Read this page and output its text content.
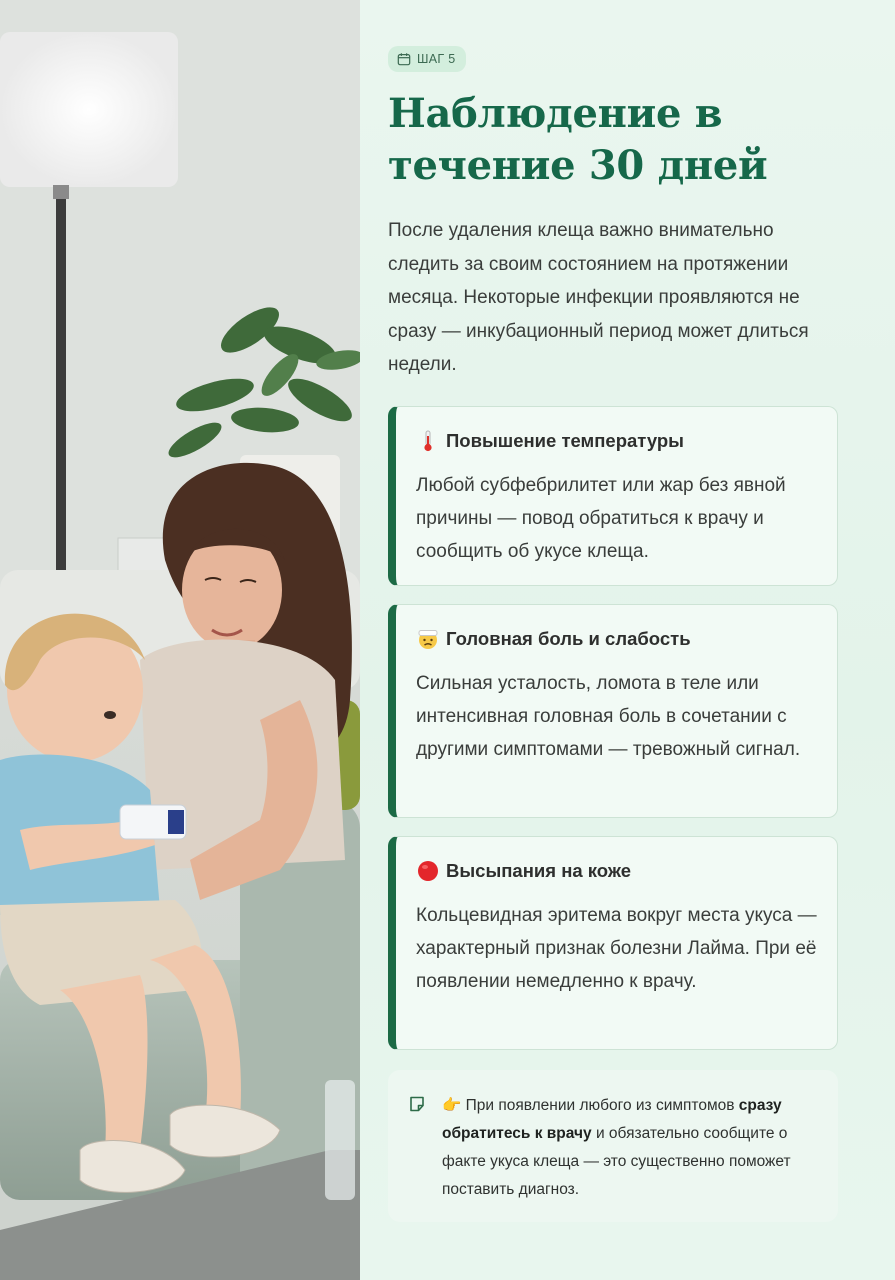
ШАГ 5
Наблюдение в течение 30 дней

После удаления клеща важно внимательно следить за своим состоянием на протяжении месяца. Некоторые инфекции проявляются не сразу — инкубационный период может длиться недели.

Повышение температуры

Любой субфебрилитет или жар без явной причины — повод обратиться к врачу и сообщить об укусе клеща.

Головная боль и слабость

Сильная усталость, ломота в теле или интенсивная головная боль в сочетании с другими симптомами — тревожный сигнал.

Высыпания на коже

Кольцевидная эритема вокруг места укуса — характерный признак болезни Лайма. При её появлении немедленно к врачу.

👉 При появлении любого из симптомов сразу обратитесь к врачу и обязательно сообщите о факте укуса клеща — это существенно поможет поставить диагноз.
